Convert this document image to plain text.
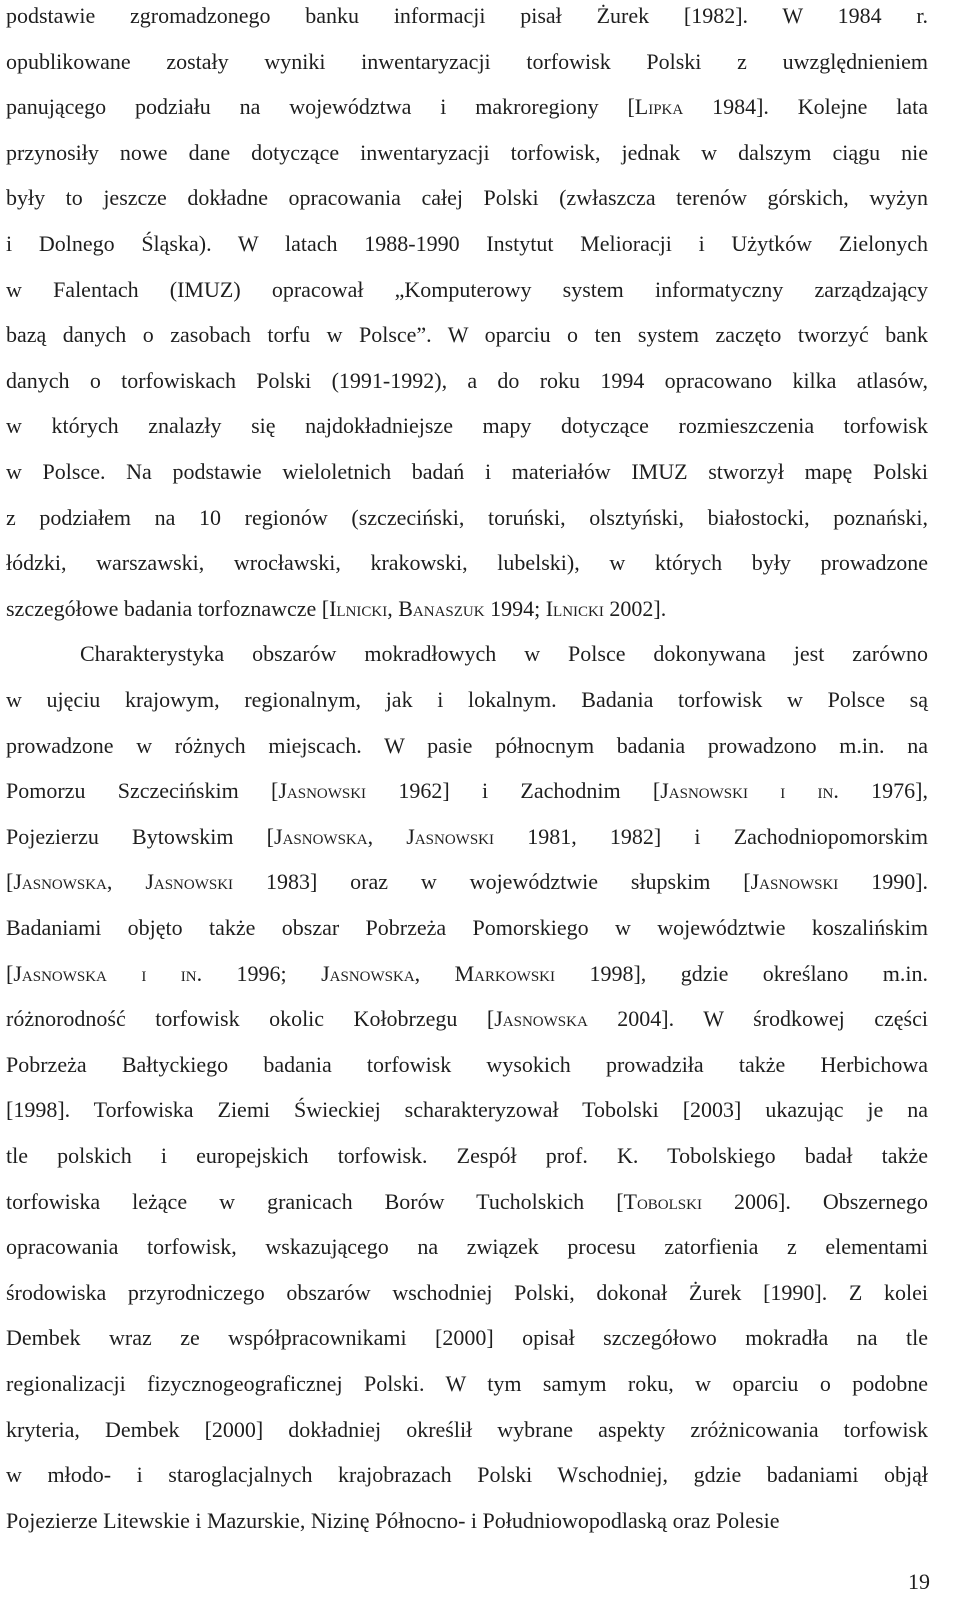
podstawie zgromadzonego banku informacji pisał Żurek [1982]. W 1984 r.
opublikowane zostały wyniki inwentaryzacji torfowisk Polski z uwzględnieniem
panującego podziału na województwa i makroregiony [Lipka 1984]. Kolejne lata
przynosiły nowe dane dotyczące inwentaryzacji torfowisk, jednak w dalszym ciągu nie
były to jeszcze dokładne opracowania całej Polski (zwłaszcza terenów górskich, wyżyn
i Dolnego Śląska). W latach 1988-1990 Instytut Melioracji i Użytków Zielonych
w Falentach (IMUZ) opracował „Komputerowy system informatyczny zarządzający
bazą danych o zasobach torfu w Polsce”. W oparciu o ten system zaczęto tworzyć bank
danych o torfowiskach Polski (1991-1992), a do roku 1994 opracowano kilka atlasów,
w których znalazły się najdokładniejsze mapy dotyczące rozmieszczenia torfowisk
w Polsce. Na podstawie wieloletnich badań i materiałów IMUZ stworzył mapę Polski
z podziałem na 10 regionów (szczeciński, toruński, olsztyński, białostocki, poznański,
łódzki, warszawski, wrocławski, krakowski, lubelski), w których były prowadzone
szczegółowe badania torfoznawcze [Ilnicki, Banaszuk 1994; Ilnicki 2002].
Charakterystyka obszarów mokradłowych w Polsce dokonywana jest zarówno
w ujęciu krajowym, regionalnym, jak i lokalnym. Badania torfowisk w Polsce są
prowadzone w różnych miejscach. W pasie północnym badania prowadzono m.in. na
Pomorzu Szczecińskim [Jasnowski 1962] i Zachodnim [Jasnowski i in. 1976],
Pojezierzu Bytowskim [Jasnowska, Jasnowski 1981, 1982] i Zachodniopomorskim
[Jasnowska, Jasnowski 1983] oraz w województwie słupskim [Jasnowski 1990].
Badaniami objęto także obszar Pobrzeża Pomorskiego w województwie koszalińskim
[Jasnowska i in. 1996; Jasnowska, Markowski 1998], gdzie określano m.in.
różnorodność torfowisk okolic Kołobrzegu [Jasnowska 2004]. W środkowej części
Pobrzeża Bałtyckiego badania torfowisk wysokich prowadziła także Herbichowa
[1998]. Torfowiska Ziemi Świeckiej scharakteryzował Tobolski [2003] ukazując je na
tle polskich i europejskich torfowisk. Zespół prof. K. Tobolskiego badał także
torfowiska leżące w granicach Borów Tucholskich [Tobolski 2006]. Obszernego
opracowania torfowisk, wskazującego na związek procesu zatorfienia z elementami
środowiska przyrodniczego obszarów wschodniej Polski, dokonał Żurek [1990]. Z kolei
Dembek wraz ze współpracownikami [2000] opisał szczegółowo mokradła na tle
regionalizacji fizycznogeograficznej Polski. W tym samym roku, w oparciu o podobne
kryteria, Dembek [2000] dokładniej określił wybrane aspekty zróżnicowania torfowisk
w młodo- i staroglacjalnych krajobrazach Polski Wschodniej, gdzie badaniami objął
Pojezierze Litewskie i Mazurskie, Nizinę Północno- i Południowopodlaską oraz Polesie
19
